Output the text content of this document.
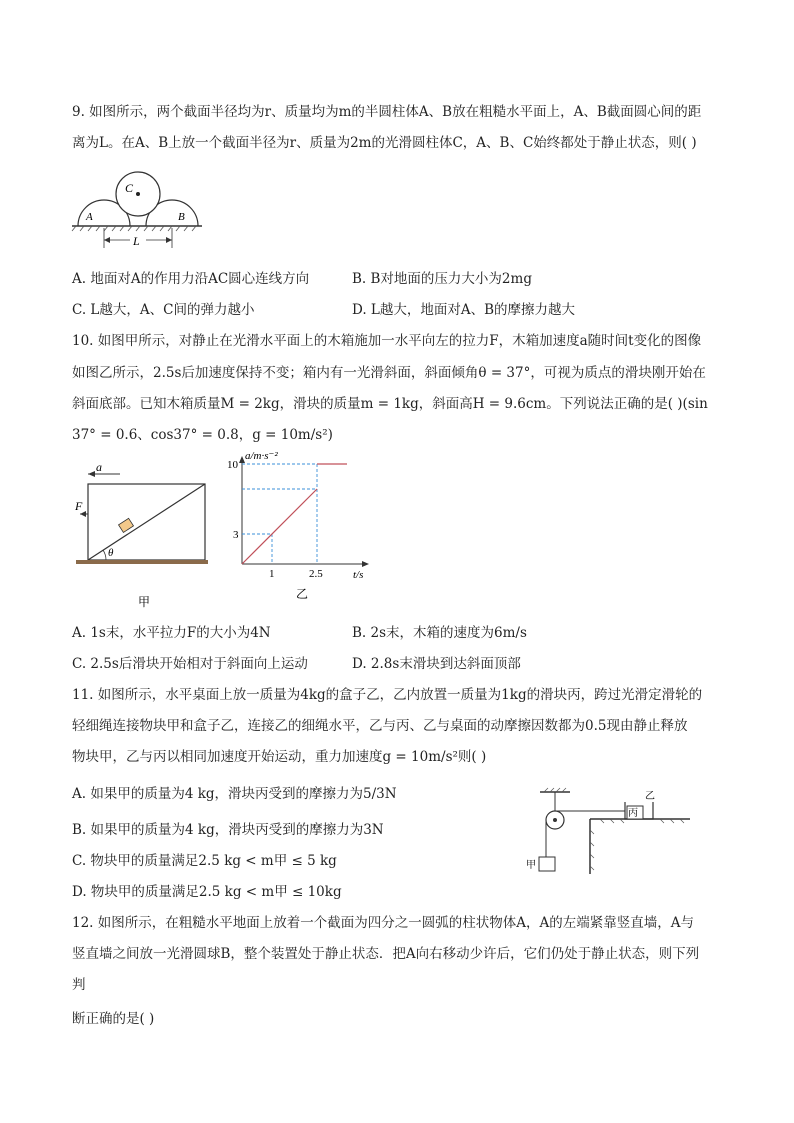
9. 如图所示，两个截面半径均为r、质量均为m的半圆柱体A、B放在粗糙水平面上，A、B截面圆心间的距
离为L。在A、B上放一个截面半径为r、质量为2m的光滑圆柱体C，A、B、C始终都处于静止状态，则( )
C
A	B
L
A. 地面对A的作用力沿AC圆心连线方向	B. B对地面的压力大小为2mg
C. L越大，A、C间的弹力越小	D. L越大，地面对A、B的摩擦力越大
10. 如图甲所示，对静止在光滑水平面上的木箱施加一水平向左的拉力F，木箱加速度a随时间t变化的图像
如图乙所示，2.5s后加速度保持不变；箱内有一光滑斜面，斜面倾角θ = 37°，可视为质点的滑块刚开始在
斜面底部。已知木箱质量M = 2kg，滑块的质量m = 1kg，斜面高H = 9.6cm。下列说法正确的是( )(sin
37° = 0.6、cos37° = 0.8，g = 10m/s²)
a
F
θ
甲
a/m·s⁻²
t/s
乙
10
3
1	2.5
A. 1s末，水平拉力F的大小为4N	B. 2s末，木箱的速度为6m/s
C. 2.5s后滑块开始相对于斜面向上运动	D. 2.8s末滑块到达斜面顶部
11. 如图所示，水平桌面上放一质量为4kg的盒子乙，乙内放置一质量为1kg的滑块丙，跨过光滑定滑轮的
轻细绳连接物块甲和盒子乙，连接乙的细绳水平，乙与丙、乙与桌面的动摩擦因数都为0.5现由静止释放
物块甲，乙与丙以相同加速度开始运动，重力加速度g = 10m/s²则( )
A. 如果甲的质量为4 kg，滑块丙受到的摩擦力为5/3N
B. 如果甲的质量为4 kg，滑块丙受到的摩擦力为3N
C. 物块甲的质量满足2.5 kg < m甲 ≤ 5 kg
D. 物块甲的质量满足2.5 kg < m甲 ≤ 10kg
丙
乙
甲
12. 如图所示，在粗糙水平地面上放着一个截面为四分之一圆弧的柱状物体A，A的左端紧靠竖直墙，A与
竖直墙之间放一光滑圆球B，整个装置处于静止状态．把A向右移动少许后，它们仍处于静止状态，则下列
判
断正确的是( )
